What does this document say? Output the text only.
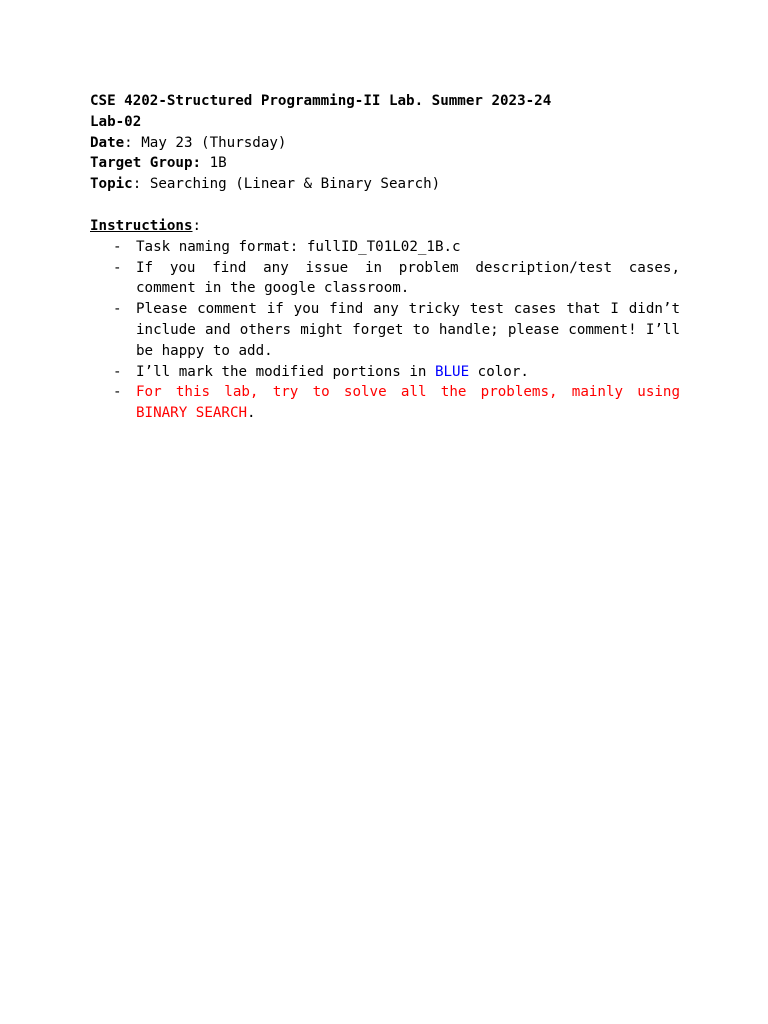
CSE 4202-Structured Programming-II Lab. Summer 2023-24
Lab-02
Date: May 23 (Thursday)
Target Group: 1B
Topic: Searching (Linear & Binary Search)
Instructions:
- Task naming format: fullID_T01L02_1B.c
- If you find any issue in problem description/test cases, comment in the google classroom.
- Please comment if you find any tricky test cases that I didn’t include and others might forget to handle; please comment! I’ll be happy to add.
- I’ll mark the modified portions in BLUE color.
- For this lab, try to solve all the problems, mainly using BINARY SEARCH.
